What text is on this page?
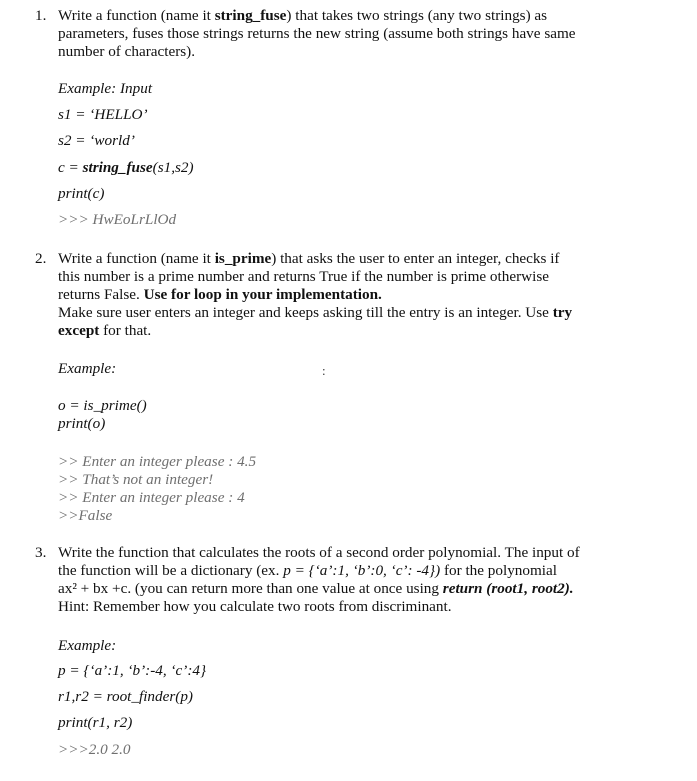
1. Write a function (name it string_fuse) that takes two strings (any two strings) as
parameters, fuses those strings returns the new string (assume both strings have same
number of characters).
Example: Input
s1 = ‘HELLO’
s2 = ‘world’
c = string_fuse(s1,s2)
print(c)
>>> HwEoLrLlOd
2. Write a function (name it is_prime) that asks the user to enter an integer, checks if
this number is a prime number and returns True if the number is prime otherwise
returns False. Use for loop in your implementation.
Make sure user enters an integer and keeps asking till the entry is an integer. Use try
except for that.
Example:	:
o = is_prime()
print(o)
>> Enter an integer please : 4.5
>> That’s not an integer!
>> Enter an integer please : 4
>>False
3. Write the function that calculates the roots of a second order polynomial. The input of
the function will be a dictionary (ex. p = {‘a’:1, ‘b’:0, ‘c’: -4}) for the polynomial
ax² + bx +c. (you can return more than one value at once using return (root1, root2).
Hint: Remember how you calculate two roots from discriminant.
Example:
p = {‘a’:1, ‘b’:-4, ‘c’:4}
r1,r2 = root_finder(p)
print(r1, r2)
>>>2.0 2.0
